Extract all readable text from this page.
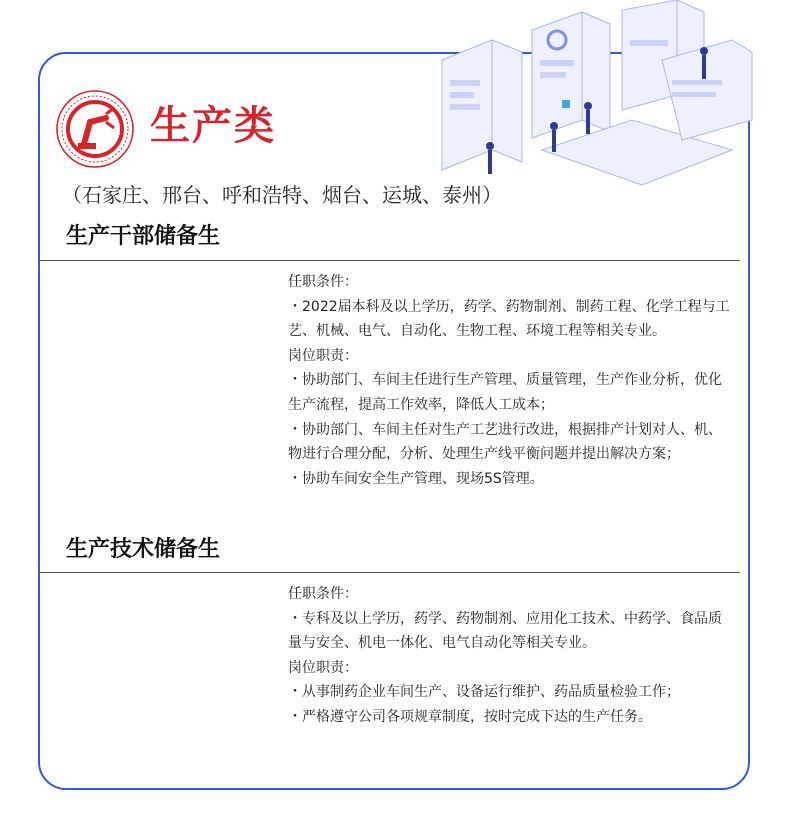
生产类
（石家庄、邢台、呼和浩特、烟台、运城、泰州）
生产干部储备生

任职条件：

・2022届本科及以上学历，药学、药物制剂、制药工程、化学工程与工艺、机械、电气、自动化、生物工程、环境工程等相关专业。

岗位职责：

・协助部门、车间主任进行生产管理、质量管理，生产作业分析，优化生产流程，提高工作效率，降低人工成本；

・协助部门、车间主任对生产工艺进行改进，根据排产计划对人、机、物进行合理分配，分析、处理生产线平衡问题并提出解决方案；

・协助车间安全生产管理、现场5S管理。

生产技术储备生

任职条件：

・专科及以上学历，药学、药物制剂、应用化工技术、中药学、食品质量与安全、机电一体化、电气自动化等相关专业。

岗位职责：

・从事制药企业车间生产、设备运行维护、药品质量检验工作；

・严格遵守公司各项规章制度，按时完成下达的生产任务。
